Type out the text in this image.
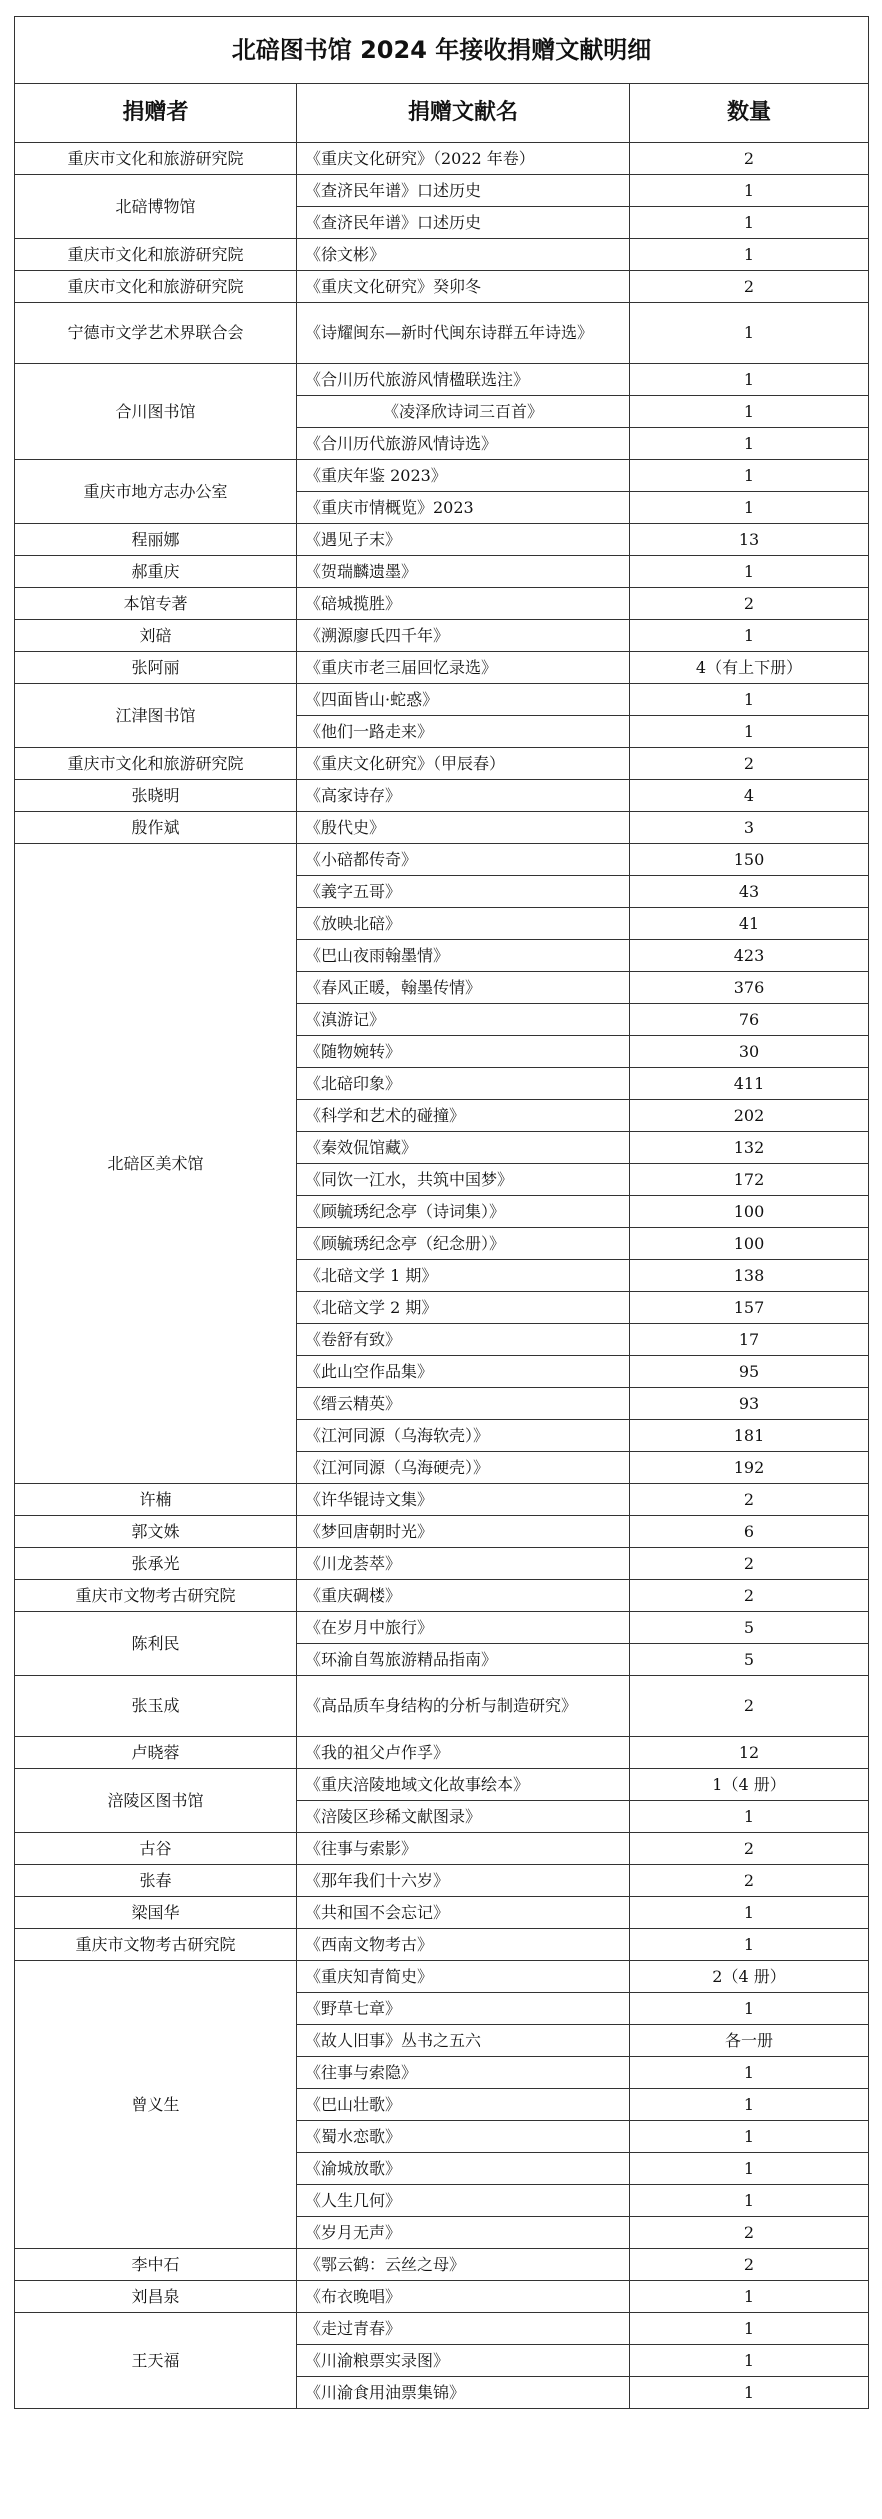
北碚图书馆 2024 年接收捐赠文献明细		
捐赠者	捐赠文献名	数量
重庆市文化和旅游研究院	《重庆文化研究》（2022 年卷）	2
北碚博物馆	《查济民年谱》口述历史	1
	《查济民年谱》口述历史	1
重庆市文化和旅游研究院	《徐文彬》	1
重庆市文化和旅游研究院	《重庆文化研究》癸卯冬	2
宁德市文学艺术界联合会	《诗耀闽东—新时代闽东诗群五年诗选》	1
合川图书馆	《合川历代旅游风情楹联选注》	1
	《凌泽欣诗词三百首》	1
	《合川历代旅游风情诗选》	1
重庆市地方志办公室	《重庆年鉴 2023》	1
	《重庆市情概览》2023	1
程丽娜	《遇见子末》	13
郝重庆	《贺瑞麟遗墨》	1
本馆专著	《碚城揽胜》	2
刘碚	《溯源廖氏四千年》	1
张阿丽	《重庆市老三届回忆录选》	4（有上下册）
江津图书馆	《四面皆山·蛇惑》	1
	《他们一路走来》	1
重庆市文化和旅游研究院	《重庆文化研究》（甲辰春）	2
张晓明	《高家诗存》	4
殷作斌	《殷代史》	3
北碚区美术馆	《小碚都传奇》	150
	《義字五哥》	43
	《放映北碚》	41
	《巴山夜雨翰墨情》	423
	《春风正暖，翰墨传情》	376
	《滇游记》	76
	《随物婉转》	30
	《北碚印象》	411
	《科学和艺术的碰撞》	202
	《秦效侃馆藏》	132
	《同饮一江水，共筑中国梦》	172
	《顾毓琇纪念亭（诗词集）》	100
	《顾毓琇纪念亭（纪念册）》	100
	《北碚文学 1 期》	138
	《北碚文学 2 期》	157
	《卷舒有致》	17
	《此山空作品集》	95
	《缙云精英》	93
	《江河同源（乌海软壳）》	181
	《江河同源（乌海硬壳）》	192
许楠	《许华锟诗文集》	2
郭文姝	《梦回唐朝时光》	6
张承光	《川龙荟萃》	2
重庆市文物考古研究院	《重庆碉楼》	2
陈利民	《在岁月中旅行》	5
	《环渝自驾旅游精品指南》	5
张玉成	《高品质车身结构的分析与制造研究》	2
卢晓蓉	《我的祖父卢作孚》	12
涪陵区图书馆	《重庆涪陵地域文化故事绘本》	1（4 册）
	《涪陵区珍稀文献图录》	1
古谷	《往事与索影》	2
张春	《那年我们十六岁》	2
梁国华	《共和国不会忘记》	1
重庆市文物考古研究院	《西南文物考古》	1
曾义生	《重庆知青简史》	2（4 册）
	《野草七章》	1
	《故人旧事》丛书之五六	各一册
	《往事与索隐》	1
	《巴山壮歌》	1
	《蜀水恋歌》	1
	《渝城放歌》	1
	《人生几何》	1
	《岁月无声》	2
李中石	《鄂云鹤：云丝之母》	2
刘昌泉	《布衣晚唱》	1
王天福	《走过青春》	1
	《川渝粮票实录图》	1
	《川渝食用油票集锦》	1
